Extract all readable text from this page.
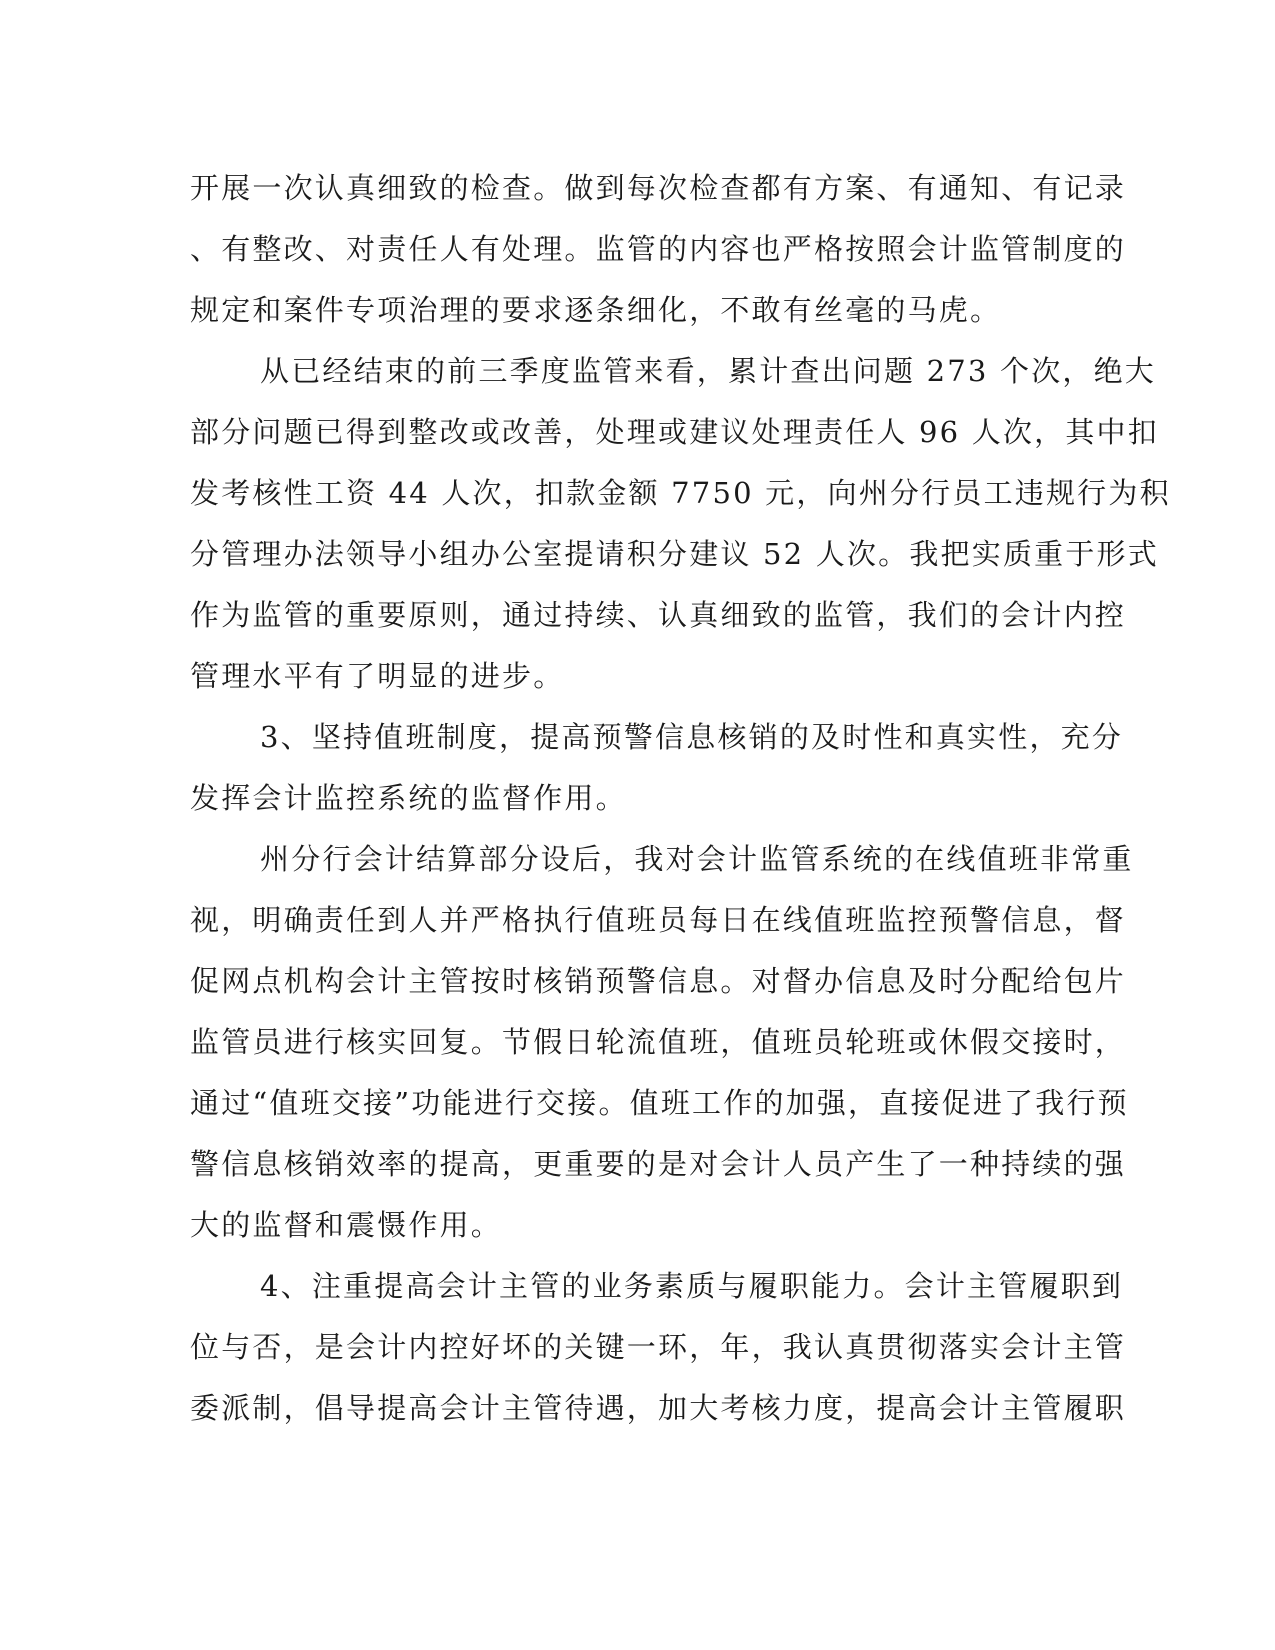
开展一次认真细致的检查。做到每次检查都有方案、有通知、有记录
、有整改、对责任人有处理。监管的内容也严格按照会计监管制度的
规定和案件专项治理的要求逐条细化，不敢有丝毫的马虎。
从已经结束的前三季度监管来看，累计查出问题 273 个次，绝大
部分问题已得到整改或改善，处理或建议处理责任人 96 人次，其中扣
发考核性工资 44 人次，扣款金额 7750 元，向州分行员工违规行为积
分管理办法领导小组办公室提请积分建议 52 人次。我把实质重于形式
作为监管的重要原则，通过持续、认真细致的监管，我们的会计内控
管理水平有了明显的进步。
3、坚持值班制度，提高预警信息核销的及时性和真实性，充分
发挥会计监控系统的监督作用。
州分行会计结算部分设后，我对会计监管系统的在线值班非常重
视，明确责任到人并严格执行值班员每日在线值班监控预警信息，督
促网点机构会计主管按时核销预警信息。对督办信息及时分配给包片
监管员进行核实回复。节假日轮流值班，值班员轮班或休假交接时，
通过“值班交接”功能进行交接。值班工作的加强，直接促进了我行预
警信息核销效率的提高，更重要的是对会计人员产生了一种持续的强
大的监督和震慑作用。
4、注重提高会计主管的业务素质与履职能力。会计主管履职到
位与否，是会计内控好坏的关键一环，年，我认真贯彻落实会计主管
委派制，倡导提高会计主管待遇，加大考核力度，提高会计主管履职
